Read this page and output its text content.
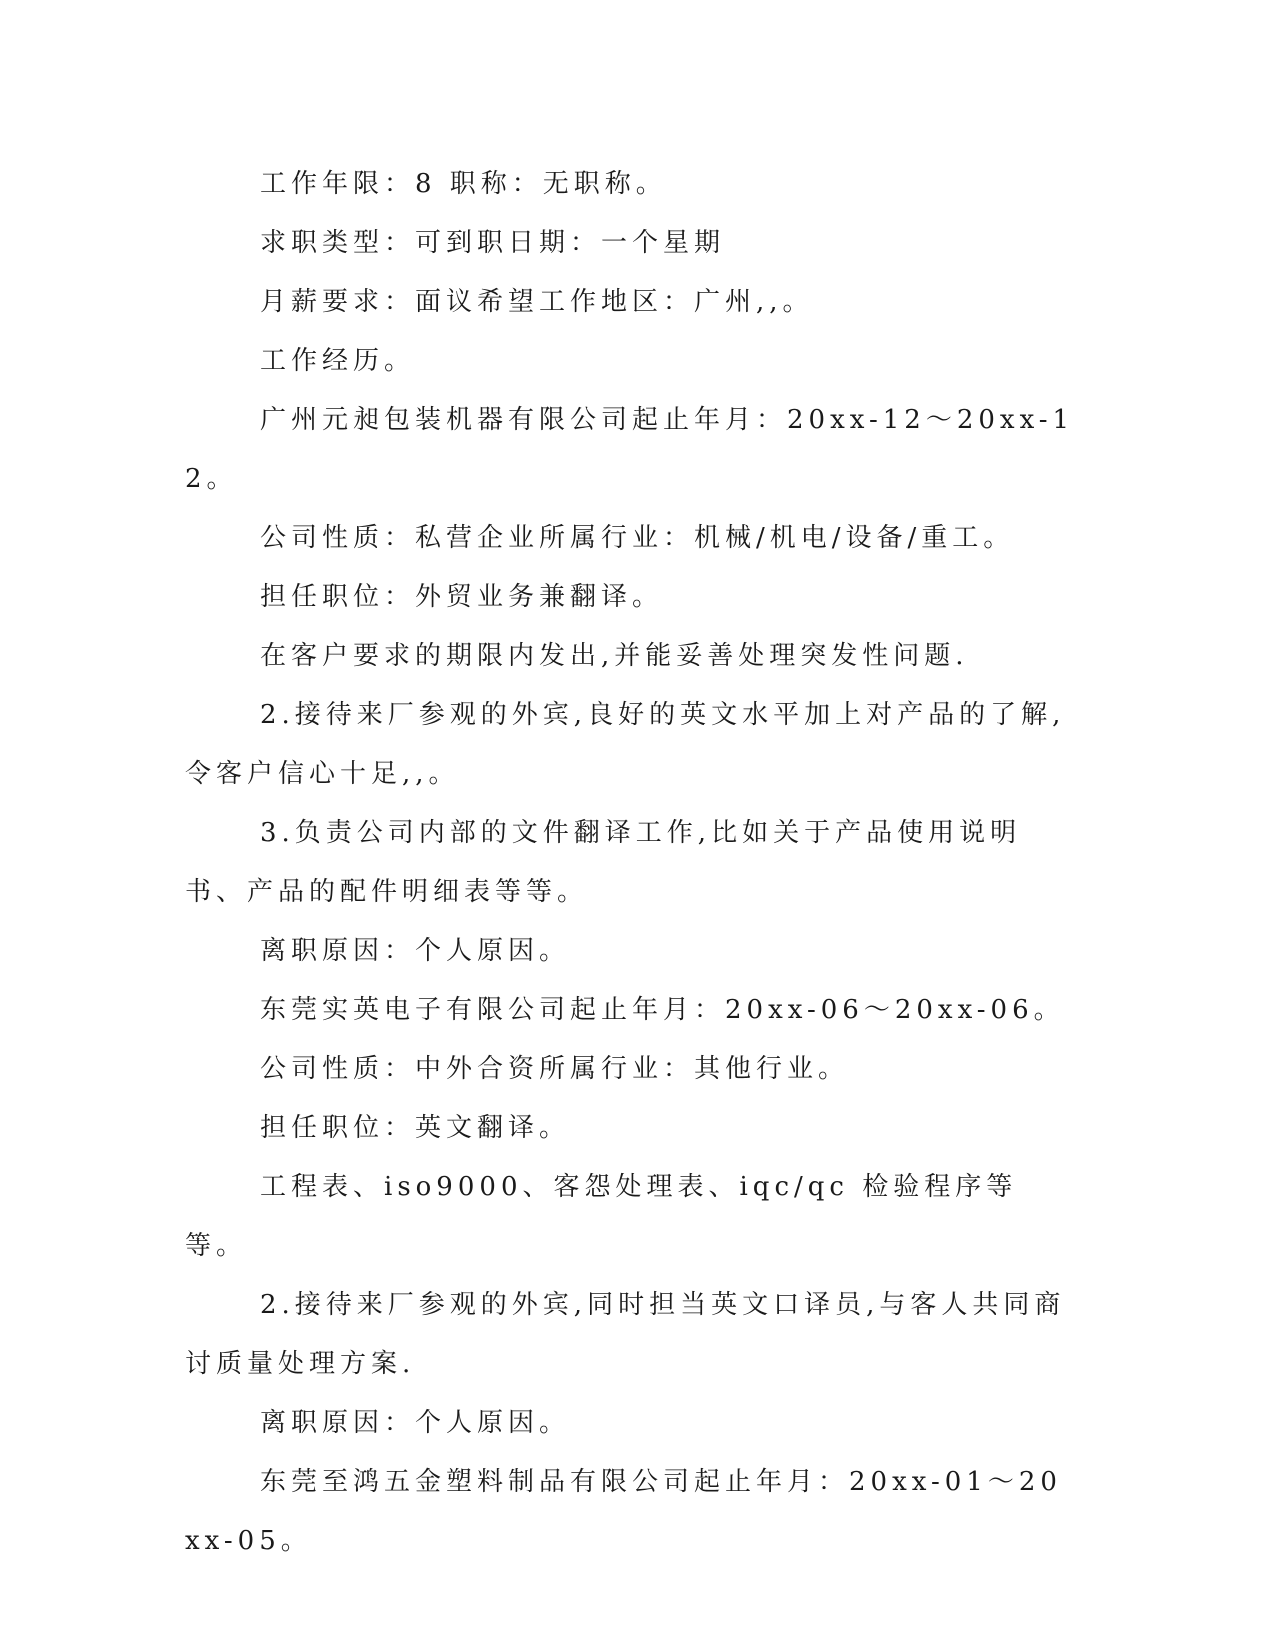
工作年限：8 职称：无职称。

求职类型：可到职日期：一个星期

月薪要求：面议希望工作地区：广州,,。

工作经历。

广州元昶包装机器有限公司起止年月：20xx-12～20xx-12。

公司性质：私营企业所属行业：机械/机电/设备/重工。

担任职位：外贸业务兼翻译。

在客户要求的期限内发出,并能妥善处理突发性问题.

2.接待来厂参观的外宾,良好的英文水平加上对产品的了解,令客户信心十足,,。

3.负责公司内部的文件翻译工作,比如关于产品使用说明书、产品的配件明细表等等。

离职原因：个人原因。

东莞实英电子有限公司起止年月：20xx-06～20xx-06。

公司性质：中外合资所属行业：其他行业。

担任职位：英文翻译。

工程表、iso9000、客怨处理表、iqc/qc 检验程序等等。

2.接待来厂参观的外宾,同时担当英文口译员,与客人共同商讨质量处理方案.

离职原因：个人原因。

东莞至鸿五金塑料制品有限公司起止年月：20xx-01～20xx-05。
